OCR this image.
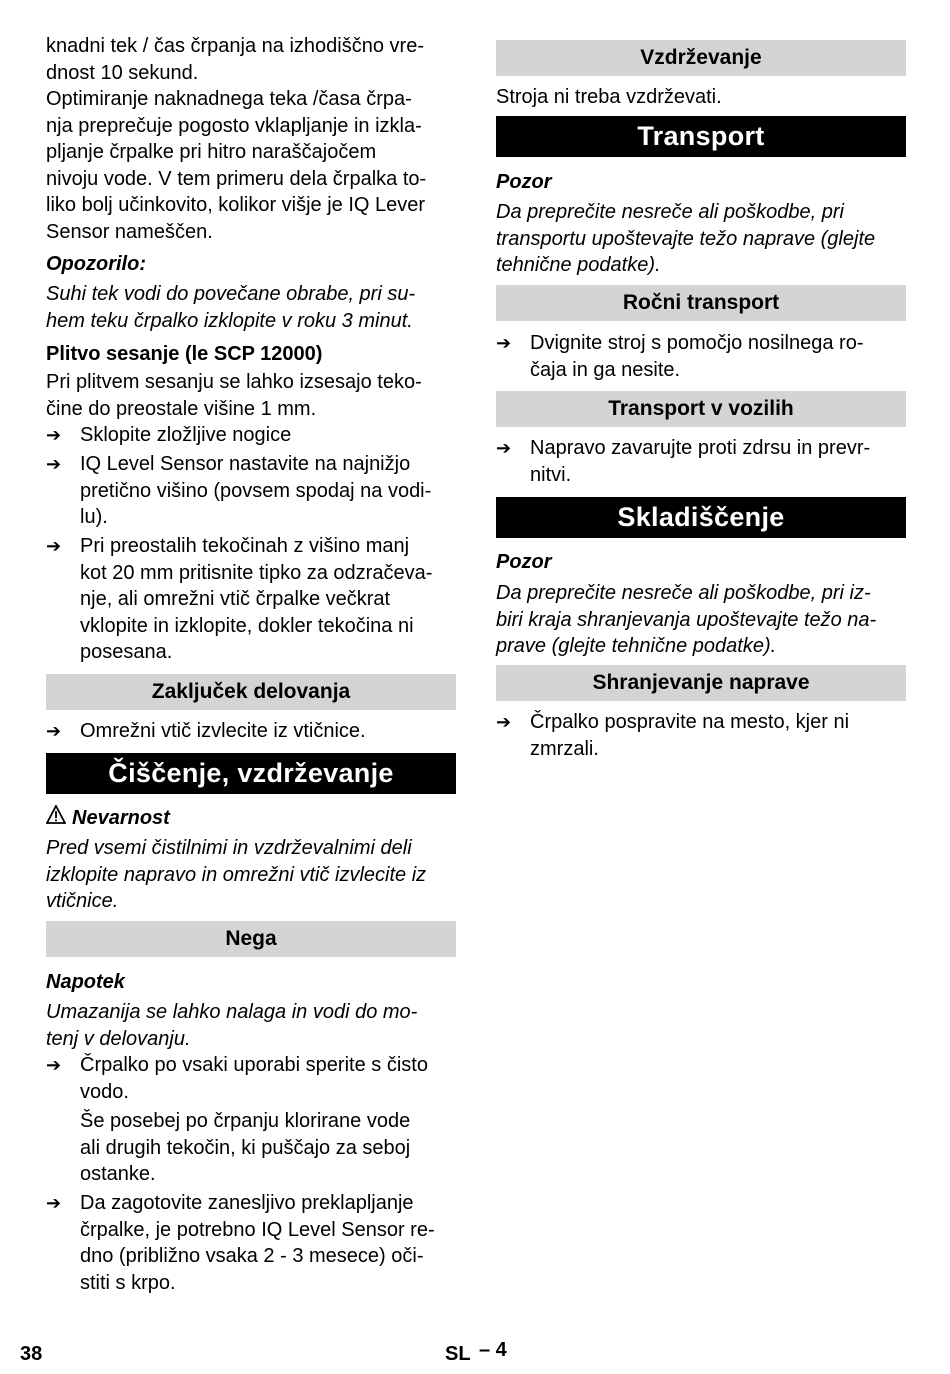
knadni tek / čas črpanja na izhodiščno vre-
dnost 10 sekund.

Optimiranje naknadnega teka /časa črpa-
nja preprečuje pogosto vklapljanje in izkla-
pljanje črpalke pri hitro naraščajočem
nivoju vode. V tem primeru dela črpalka to-
liko bolj učinkovito, kolikor višje je IQ Lever
Sensor nameščen.

Opozorilo:

Suhi tek vodi do povečane obrabe, pri su-
hem teku črpalko izklopite v roku 3 minut.

Plitvo sesanje (le SCP 12000)

Pri plitvem sesanju se lahko izsesajo teko-
čine do preostale višine 1 mm.

➔ Sklopite zložljive nogice
➔ IQ Level Sensor nastavite na najnižjo
pretično višino (povsem spodaj na vodi-
lu).
➔ Pri preostalih tekočinah z višino manj
kot 20 mm pritisnite tipko za odzračeva-
nje, ali omrežni vtič črpalke večkrat
vklopite in izklopite, dokler tekočina ni
posesana.
Zaključek delovanja
➔ Omrežni vtič izvlecite iz vtičnice.
Čiščenje, vzdrževanje
Nevarnost

Pred vsemi čistilnimi in vzdrževalnimi deli
izklopite napravo in omrežni vtič izvlecite iz
vtičnice.

Nega

Napotek

Umazanija se lahko nalaga in vodi do mo-
tenj v delovanju.

➔ Črpalko po vsaki uporabi sperite s čisto
vodo.

Še posebej po črpanju klorirane vode
ali drugih tekočin, ki puščajo za seboj
ostanke.

➔ Da zagotovite zanesljivo preklapljanje
črpalke, je potrebno IQ Level Sensor re-
dno (približno vsaka 2 - 3 mesece) oči-
stiti s krpo.
Vzdrževanje

Stroja ni treba vzdrževati.

Transport

Pozor

Da preprečite nesreče ali poškodbe, pri
transportu upoštevajte težo naprave (glejte
tehnične podatke).

Ročni transport
➔ Dvignite stroj s pomočjo nosilnega ro-
čaja in ga nesite.
Transport v vozilih
➔ Napravo zavarujte proti zdrsu in prevr-
nitvi.
Skladiščenje

Pozor

Da preprečite nesreče ali poškodbe, pri iz-
biri kraja shranjevanja upoštevajte težo na-
prave (glejte tehnične podatke).

Shranjevanje naprave
➔ Črpalko pospravite na mesto, kjer ni
zmrzali.
38	SL – 4
